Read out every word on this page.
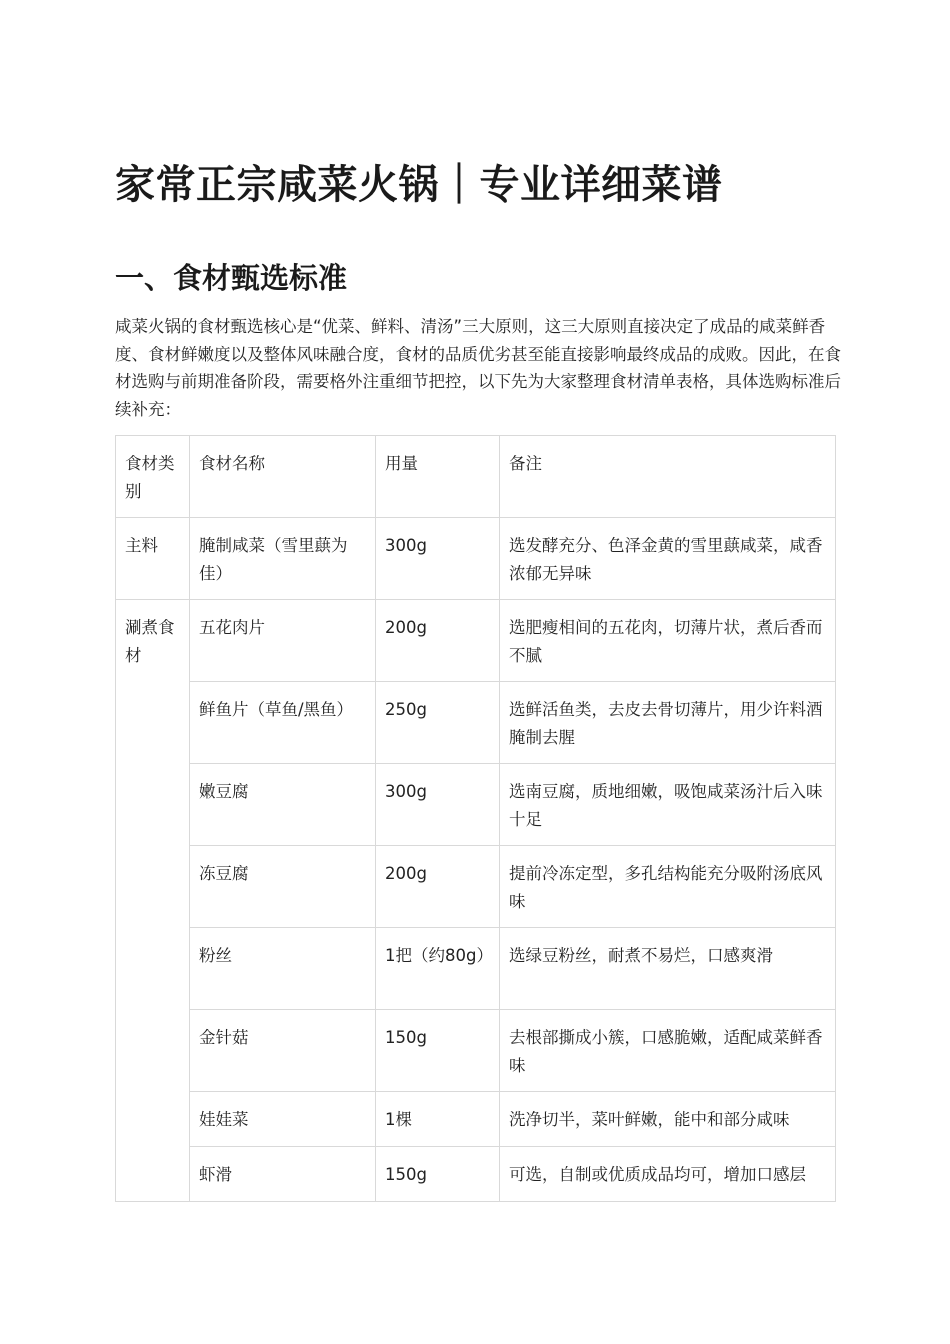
家常正宗咸菜火锅｜专业详细菜谱
一、食材甄选标准

咸菜火锅的食材甄选核心是“优菜、鲜料、清汤”三大原则，这三大原则直接决定了成品的咸菜鲜香度、食材鲜嫩度以及整体风味融合度，食材的品质优劣甚至能直接影响最终成品的成败。因此，在食材选购与前期准备阶段，需要格外注重细节把控，以下先为大家整理食材清单表格，具体选购标准后续补充：

食材类别	食材名称	用量	备注
主料	腌制咸菜（雪里蕻为佳）	300g	选发酵充分、色泽金黄的雪里蕻咸菜，咸香浓郁无异味
涮煮食材	五花肉片	200g	选肥瘦相间的五花肉，切薄片状，煮后香而不腻
	鲜鱼片（草鱼/黑鱼）	250g	选鲜活鱼类，去皮去骨切薄片，用少许料酒腌制去腥
	嫩豆腐	300g	选南豆腐，质地细嫩，吸饱咸菜汤汁后入味十足
	冻豆腐	200g	提前冷冻定型，多孔结构能充分吸附汤底风味
	粉丝	1把（约80g）	选绿豆粉丝，耐煮不易烂，口感爽滑
	金针菇	150g	去根部撕成小簇，口感脆嫩，适配咸菜鲜香味
	娃娃菜	1棵	洗净切半，菜叶鲜嫩，能中和部分咸味
	虾滑	150g	可选，自制或优质成品均可，增加口感层
